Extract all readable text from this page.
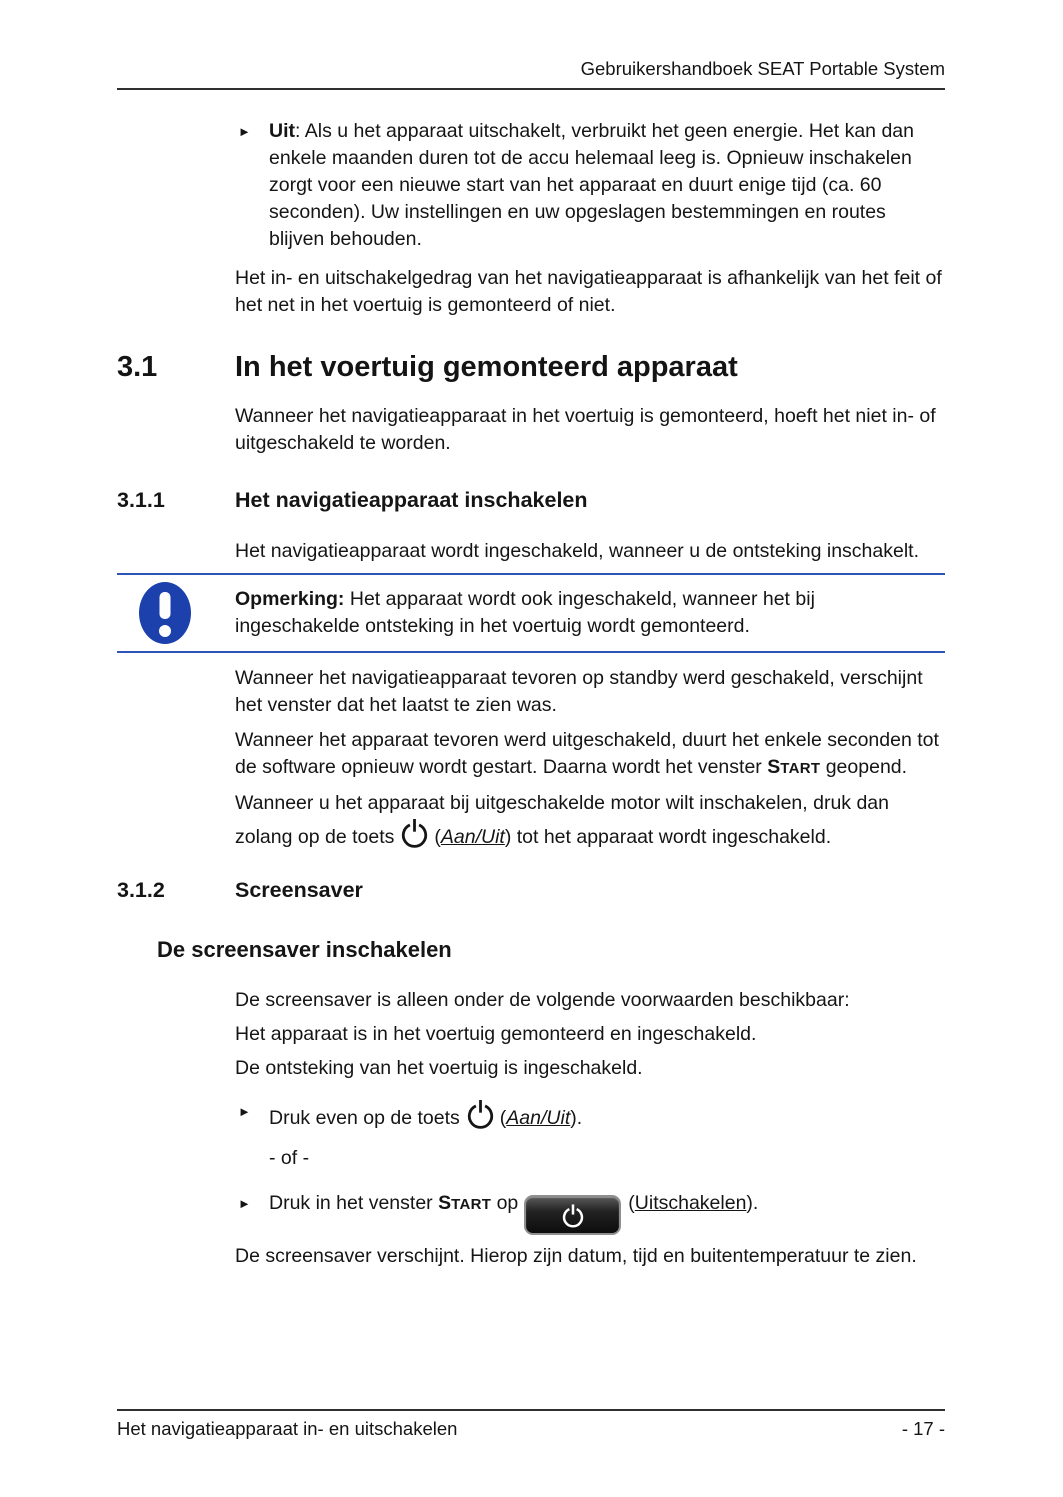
Gebruikershandboek SEAT Portable System
► Uit: Als u het apparaat uitschakelt, verbruikt het geen energie. Het kan dan enkele maanden duren tot de accu helemaal leeg is. Opnieuw inschakelen zorgt voor een nieuwe start van het apparaat en duurt enige tijd (ca. 60 seconden). Uw instellingen en uw opgeslagen bestemmingen en routes blijven behouden.

Het in- en uitschakelgedrag van het navigatieapparaat is afhankelijk van het feit of het net in het voertuig is gemonteerd of niet.

3.1	In het voertuig gemonteerd apparaat

Wanneer het navigatieapparaat in het voertuig is gemonteerd, hoeft het niet in- of uitgeschakeld te worden.

3.1.1	Het navigatieapparaat inschakelen

Het navigatieapparaat wordt ingeschakeld, wanneer u de ontsteking inschakelt.

Opmerking: Het apparaat wordt ook ingeschakeld, wanneer het bij ingeschakelde ontsteking in het voertuig wordt gemonteerd.

Wanneer het navigatieapparaat tevoren op standby werd geschakeld, verschijnt het venster dat het laatst te zien was.

Wanneer het apparaat tevoren werd uitgeschakeld, duurt het enkele seconden tot de software opnieuw wordt gestart. Daarna wordt het venster START geopend.

Wanneer u het apparaat bij uitgeschakelde motor wilt inschakelen, druk dan zolang op de toets (Aan/Uit) tot het apparaat wordt ingeschakeld.

3.1.2	Screensaver
De screensaver inschakelen

De screensaver is alleen onder de volgende voorwaarden beschikbaar:

Het apparaat is in het voertuig gemonteerd en ingeschakeld.

De ontsteking van het voertuig is ingeschakeld.

► Druk even op de toets (Aan/Uit).

- of -

► Druk in het venster START op	(Uitschakelen).

De screensaver verschijnt. Hierop zijn datum, tijd en buitentemperatuur te zien.

Het navigatieapparaat in- en uitschakelen	- 17 -
